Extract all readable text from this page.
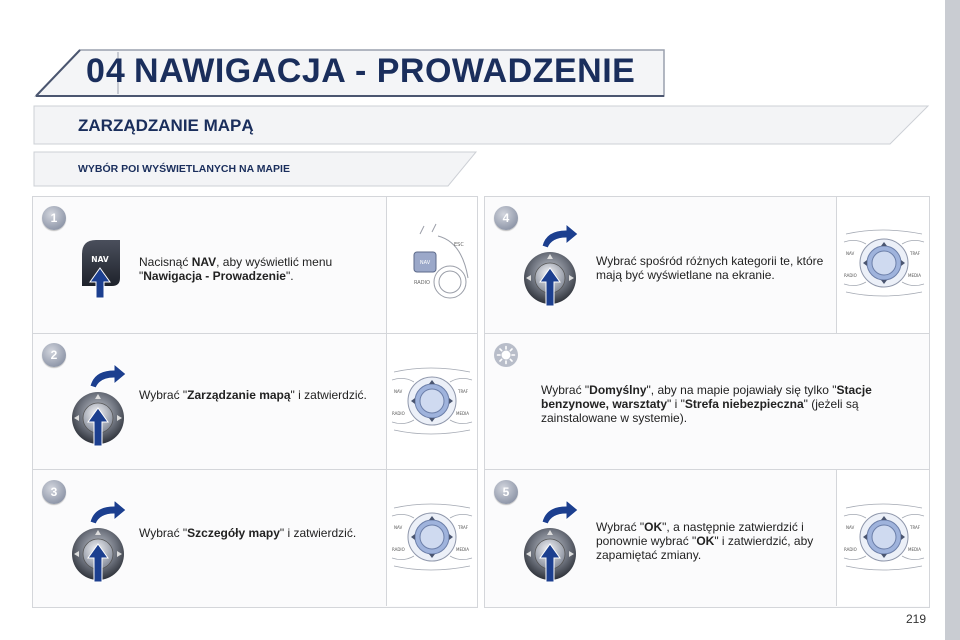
04 NAWIGACJA - PROWADZENIE
ZARZĄDZANIE MAPĄ
WYBÓR POI WYŚWIETLANYCH NA MAPIE
1
2
3
4
5
NAV	Nacisnąć NAV, aby wyświetlić menu "Nawigacja - Prowadzenie".
NAV
ESC
RADIO
Wybrać "Zarządzanie mapą" i zatwierdzić.	NAV	TRAF
RADIO	MEDIA
Wybrać "Szczegóły mapy" i zatwierdzić.	NAV	TRAF
RADIO	MEDIA
Wybrać spośród różnych kategorii te, które mają być wyświetlane na ekranie.
NAV	TRAF
RADIO	MEDIA
Wybrać "Domyślny", aby na mapie pojawiały się tylko "Stacje benzynowe, warsztaty" i "Strefa niebezpieczna" (jeżeli są zainstalowane w systemie).
Wybrać "OK", a następnie zatwierdzić i ponownie wybrać "OK" i zatwierdzić, aby zapamiętać zmiany.
NAV	TRAF
RADIO	MEDIA
219
